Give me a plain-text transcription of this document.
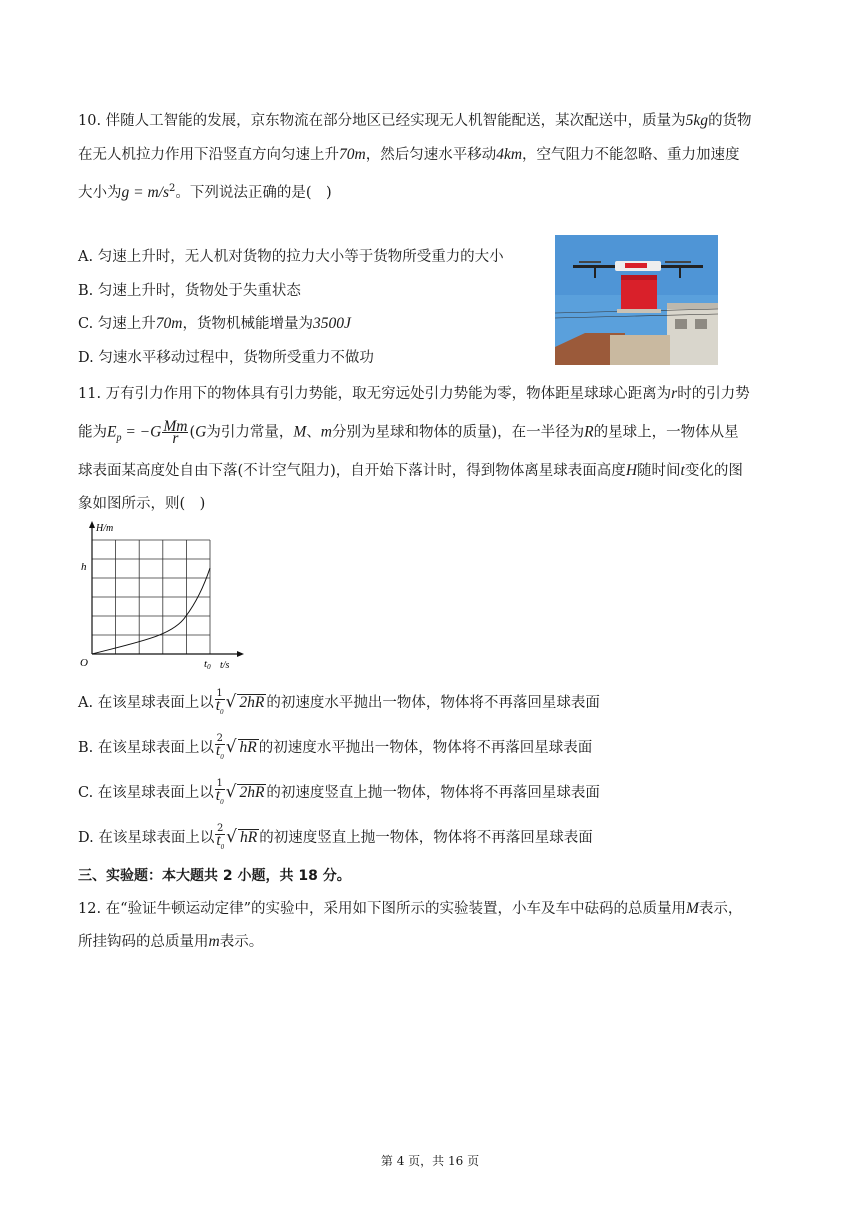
10. 伴随人工智能的发展，京东物流在部分地区已经实现无人机智能配送，某次配送中，质量为5kg的货物
在无人机拉力作用下沿竖直方向匀速上升70m，然后匀速水平移动4km，空气阻力不能忽略、重力加速度
大小为$g = m/s^2$。下列说法正确的是(　)
A. 匀速上升时，无人机对货物的拉力大小等于货物所受重力的大小
B. 匀速上升时，货物处于失重状态
C. 匀速上升70m，货物机械能增量为3500J
D. 匀速水平移动过程中，货物所受重力不做功
11. 万有引力作用下的物体具有引力势能，取无穷远处引力势能为零，物体距星球球心距离为r时的引力势
能为$E_p = -G \frac{Mm}{r} (G$为引力常量，M、m分别为星球和物体的质量)，在一半径为R的星球上，一物体从星
球表面某高度处自由下落(不计空气阻力)，自开始下落计时，得到物体离星球表面高度H随时间t变化的图
象如图所示，则(　)
H/m
h
O	t0 t/s
A. 在该星球表面上以 $\frac{1}{t_0}$ √ 2hR 的初速度水平抛出一物体，物体将不再落回星球表面
B. 在该星球表面上以 $\frac{2}{t_0}$ √ hR 的初速度水平抛出一物体，物体将不再落回星球表面
C. 在该星球表面上以 $\frac{1}{t_0}$ √ 2hR 的初速度竖直上抛一物体，物体将不再落回星球表面
D. 在该星球表面上以 $\frac{2}{t_0}$ √ hR 的初速度竖直上抛一物体，物体将不再落回星球表面
三、实验题：本大题共 2 小题，共 18 分。
12. 在“验证牛顿运动定律”的实验中，采用如下图所示的实验装置，小车及车中砝码的总质量用M表示，
所挂钩码的总质量用m表示。
第 4 页，共 16 页
